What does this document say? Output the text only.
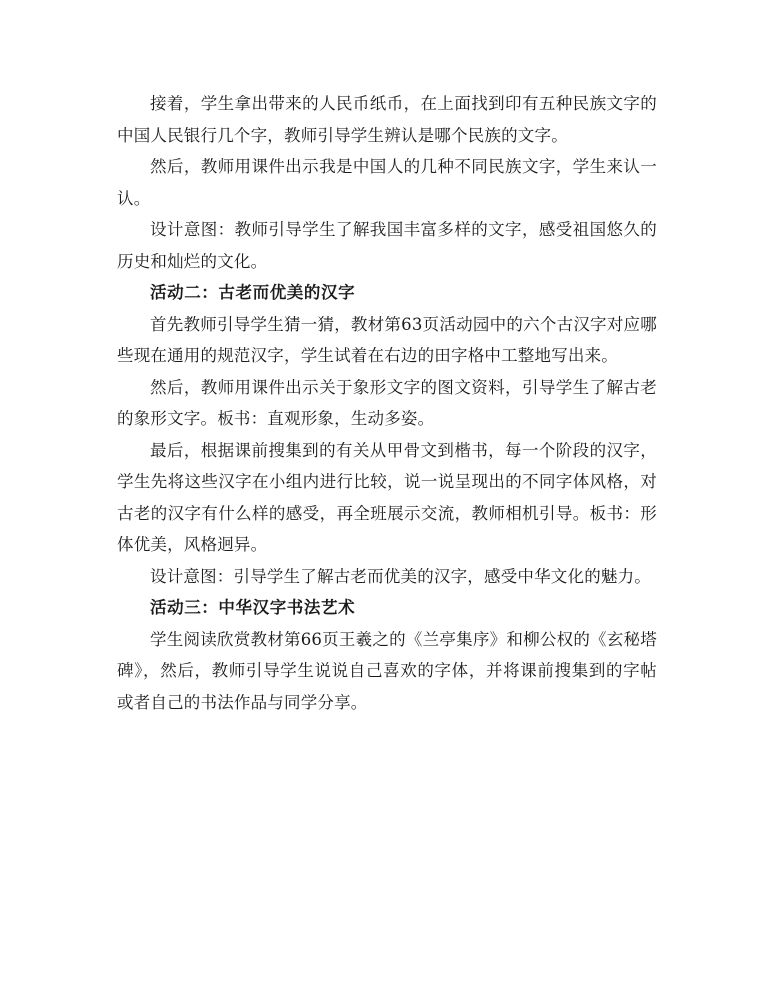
接着，学生拿出带来的人民币纸币，在上面找到印有五种民族文字的中国人民银行几个字，教师引导学生辨认是哪个民族的文字。

然后，教师用课件出示我是中国人的几种不同民族文字，学生来认一认。

设计意图：教师引导学生了解我国丰富多样的文字，感受祖国悠久的历史和灿烂的文化。

活动二：古老而优美的汉字

首先教师引导学生猜一猜，教材第63页活动园中的六个古汉字对应哪些现在通用的规范汉字，学生试着在右边的田字格中工整地写出来。

然后，教师用课件出示关于象形文字的图文资料，引导学生了解古老的象形文字。板书：直观形象，生动多姿。

最后，根据课前搜集到的有关从甲骨文到楷书，每一个阶段的汉字，学生先将这些汉字在小组内进行比较，说一说呈现出的不同字体风格，对古老的汉字有什么样的感受，再全班展示交流，教师相机引导。板书：形体优美，风格迥异。

设计意图：引导学生了解古老而优美的汉字，感受中华文化的魅力。

活动三：中华汉字书法艺术

学生阅读欣赏教材第66页王羲之的《兰亭集序》和柳公权的《玄秘塔碑》，然后，教师引导学生说说自己喜欢的字体，并将课前搜集到的字帖或者自己的书法作品与同学分享。
